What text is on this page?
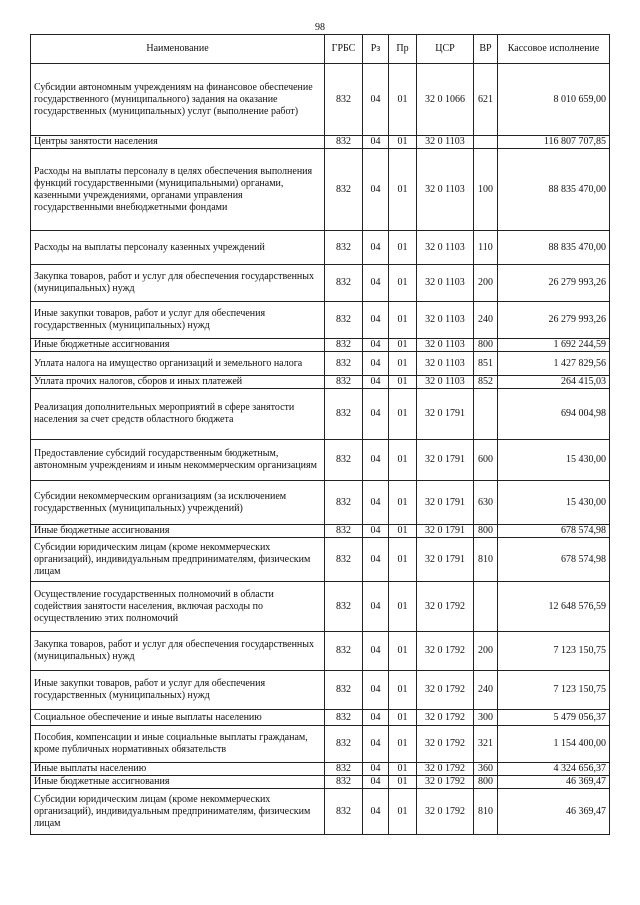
98
Наименование	ГРБС	Рз	Пр	ЦСР	ВР	Кассовое исполнение
Субсидии автономным учреждениям на финансовое обеспечение государственного (муниципального) задания на оказание государственных (муниципальных) услуг (выполнение работ)	832	04	01	32 0 1066	621	8 010 659,00
Центры занятости населения	832	04	01	32 0 1103		116 807 707,85
Расходы на выплаты персоналу в целях обеспечения выполнения функций государственными (муниципальными) органами, казенными учреждениями, органами управления государственными внебюджетными фондами	832	04	01	32 0 1103	100	88 835 470,00
Расходы на выплаты персоналу казенных учреждений	832	04	01	32 0 1103	110	88 835 470,00
Закупка товаров, работ и услуг для обеспечения государственных (муниципальных) нужд	832	04	01	32 0 1103	200	26 279 993,26
Иные закупки товаров, работ и услуг для обеспечения государственных (муниципальных) нужд	832	04	01	32 0 1103	240	26 279 993,26
Иные бюджетные ассигнования	832	04	01	32 0 1103	800	1 692 244,59
Уплата налога на имущество организаций и земельного налога	832	04	01	32 0 1103	851	1 427 829,56
Уплата прочих налогов, сборов и иных платежей	832	04	01	32 0 1103	852	264 415,03
Реализация дополнительных мероприятий в сфере занятости населения за счет средств областного бюджета	832	04	01	32 0 1791		694 004,98
Предоставление субсидий государственным бюджетным, автономным учреждениям и иным некоммерческим организациям	832	04	01	32 0 1791	600	15 430,00
Субсидии некоммерческим организациям (за исключением государственных (муниципальных) учреждений)	832	04	01	32 0 1791	630	15 430,00
Иные бюджетные ассигнования	832	04	01	32 0 1791	800	678 574,98
Субсидии юридическим лицам (кроме некоммерческих организаций), индивидуальным предпринимателям, физическим лицам	832	04	01	32 0 1791	810	678 574,98
Осуществление государственных полномочий в области содействия занятости населения, включая расходы по осуществлению этих полномочий	832	04	01	32 0 1792		12 648 576,59
Закупка товаров, работ и услуг для обеспечения государственных (муниципальных) нужд	832	04	01	32 0 1792	200	7 123 150,75
Иные закупки товаров, работ и услуг для обеспечения государственных (муниципальных) нужд	832	04	01	32 0 1792	240	7 123 150,75
Социальное обеспечение и иные выплаты населению	832	04	01	32 0 1792	300	5 479 056,37
Пособия, компенсации и иные социальные выплаты гражданам, кроме публичных нормативных обязательств	832	04	01	32 0 1792	321	1 154 400,00
Иные выплаты населению	832	04	01	32 0 1792	360	4 324 656,37
Иные бюджетные ассигнования	832	04	01	32 0 1792	800	46 369,47
Субсидии юридическим лицам (кроме некоммерческих организаций), индивидуальным предпринимателям, физическим лицам	832	04	01	32 0 1792	810	46 369,47
